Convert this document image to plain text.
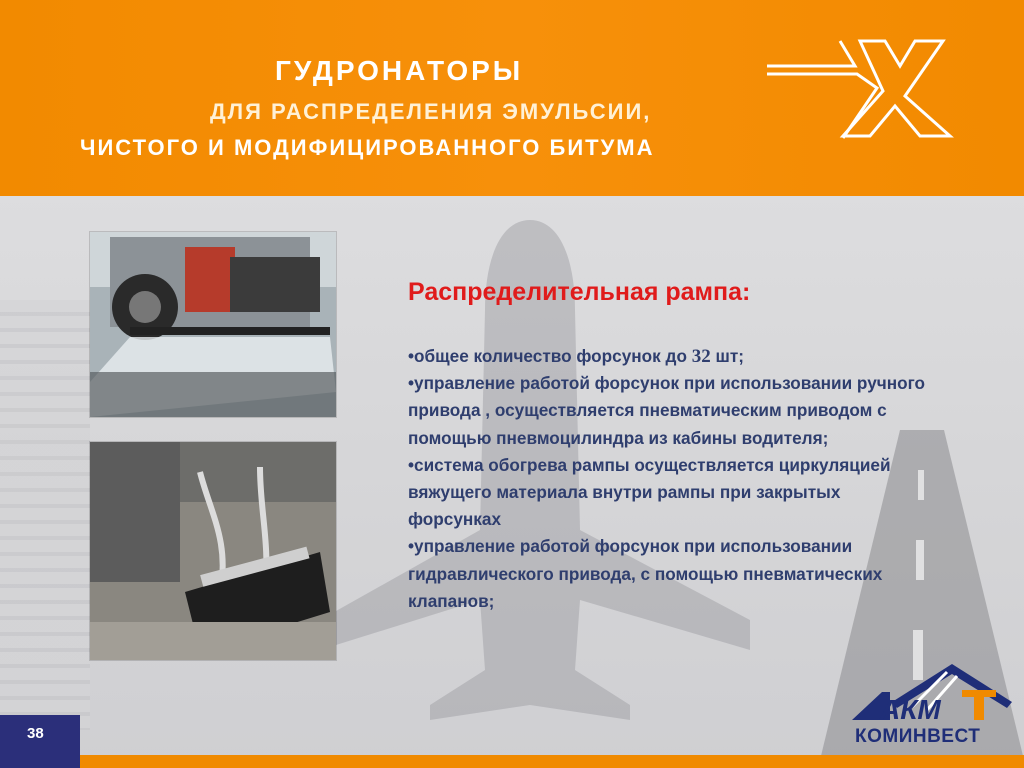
ГУДРОНАТОРЫ
ДЛЯ РАСПРЕДЕЛЕНИЯ ЭМУЛЬСИИ,
ЧИСТОГО И МОДИФИЦИРОВАННОГО БИТУМА
Распределительная рампа:
•общее количество форсунок до 32 шт;
•управление работой форсунок при использовании ручного привода , осуществляется пневматическим приводом с помощью пневмоцилиндра из кабины водителя;
•система обогрева рампы осуществляется циркуляцией вяжущего материала внутри рампы при закрытых форсунках
•управление работой форсунок при использовании гидравлического привода, с помощью пневматических клапанов;
38
АКМ
КОМИНВЕСТ
